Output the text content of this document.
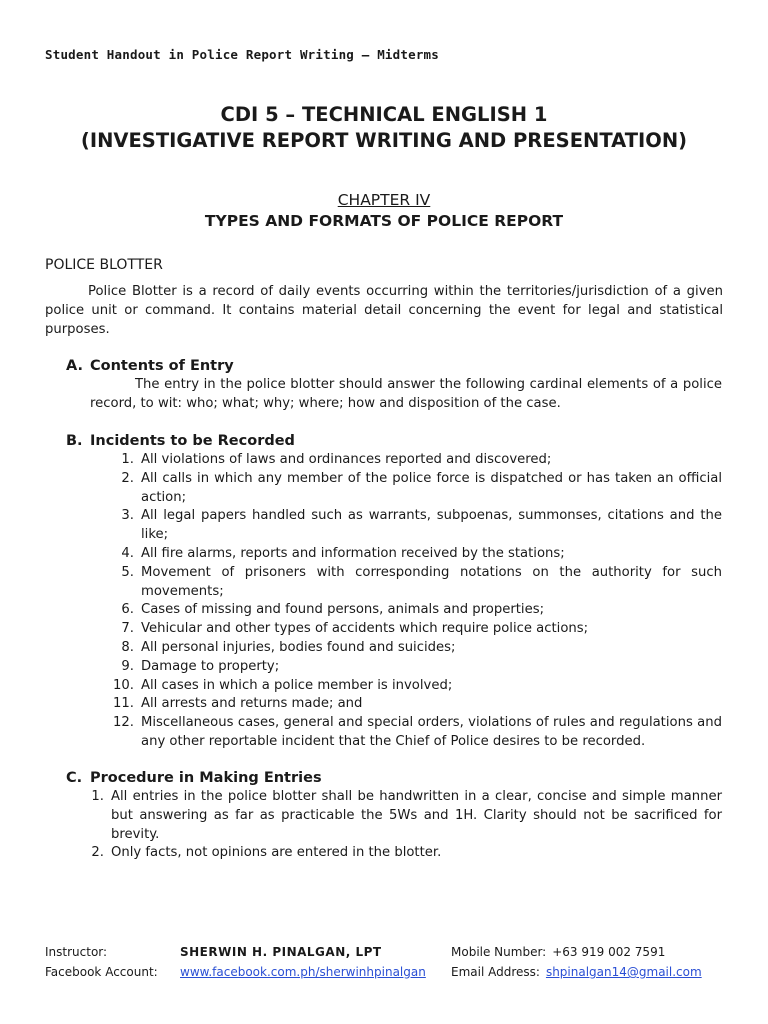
Student Handout in Police Report Writing – Midterms
CDI 5 – TECHNICAL ENGLISH 1
(INVESTIGATIVE REPORT WRITING AND PRESENTATION)
CHAPTER IV
TYPES AND FORMATS OF POLICE REPORT
POLICE BLOTTER

Police Blotter is a record of daily events occurring within the territories/jurisdiction of a given police unit or command. It contains material detail concerning the event for legal and statistical purposes.

A. Contents of Entry

The entry in the police blotter should answer the following cardinal elements of a police record, to wit: who; what; why; where; how and disposition of the case.

B. Incidents to be Recorded
1. All violations of laws and ordinances reported and discovered;
2. All calls in which any member of the police force is dispatched or has taken an official action;
3. All legal papers handled such as warrants, subpoenas, summonses, citations and the like;
4. All fire alarms, reports and information received by the stations;
5. Movement of prisoners with corresponding notations on the authority for such movements;
6. Cases of missing and found persons, animals and properties;
7. Vehicular and other types of accidents which require police actions;
8. All personal injuries, bodies found and suicides;
9. Damage to property;
10. All cases in which a police member is involved;
11. All arrests and returns made; and
12. Miscellaneous cases, general and special orders, violations of rules and regulations and any other reportable incident that the Chief of Police desires to be recorded.
C. Procedure in Making Entries
1. All entries in the police blotter shall be handwritten in a clear, concise and simple manner but answering as far as practicable the 5Ws and 1H. Clarity should not be sacrificed for brevity.
2. Only facts, not opinions are entered in the blotter.
Instructor:	SHERWIN H. PINALGAN, LPT	Mobile Number: +63 919 002 7591
Facebook Account:	www.facebook.com.ph/sherwinhpinalgan	Email Address: shpinalgan14@gmail.com
